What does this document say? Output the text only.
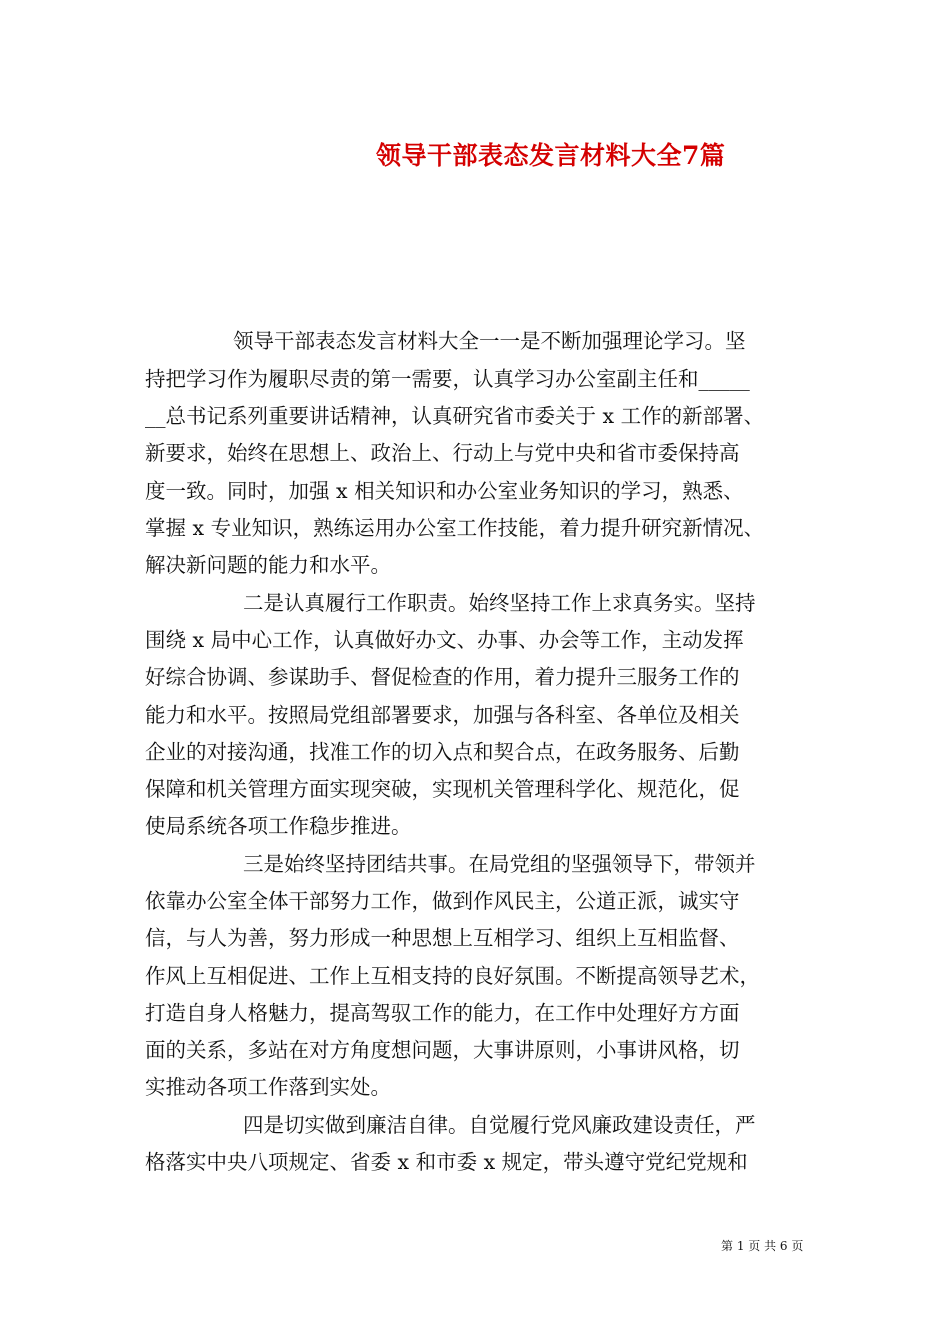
领导干部表态发言材料大全7篇
领导干部表态发言材料大全一一是不断加强理论学习。坚
持把学习作为履职尽责的第一需要，认真学习办公室副主任和_____
__总书记系列重要讲话精神，认真研究省市委关于 x 工作的新部署、
新要求，始终在思想上、政治上、行动上与党中央和省市委保持高
度一致。同时，加强 x 相关知识和办公室业务知识的学习，熟悉、
掌握 x 专业知识，熟练运用办公室工作技能，着力提升研究新情况、
解决新问题的能力和水平。
二是认真履行工作职责。始终坚持工作上求真务实。坚持
围绕 x 局中心工作，认真做好办文、办事、办会等工作，主动发挥
好综合协调、参谋助手、督促检查的作用，着力提升三服务工作的
能力和水平。按照局党组部署要求，加强与各科室、各单位及相关
企业的对接沟通，找准工作的切入点和契合点，在政务服务、后勤
保障和机关管理方面实现突破，实现机关管理科学化、规范化，促
使局系统各项工作稳步推进。
三是始终坚持团结共事。在局党组的坚强领导下，带领并
依靠办公室全体干部努力工作，做到作风民主，公道正派，诚实守
信，与人为善，努力形成一种思想上互相学习、组织上互相监督、
作风上互相促进、工作上互相支持的良好氛围。不断提高领导艺术，
打造自身人格魅力，提高驾驭工作的能力，在工作中处理好方方面
面的关系，多站在对方角度想问题，大事讲原则，小事讲风格，切
实推动各项工作落到实处。
四是切实做到廉洁自律。自觉履行党风廉政建设责任，严
格落实中央八项规定、省委 x 和市委 x 规定，带头遵守党纪党规和
第 1 页 共 6 页
